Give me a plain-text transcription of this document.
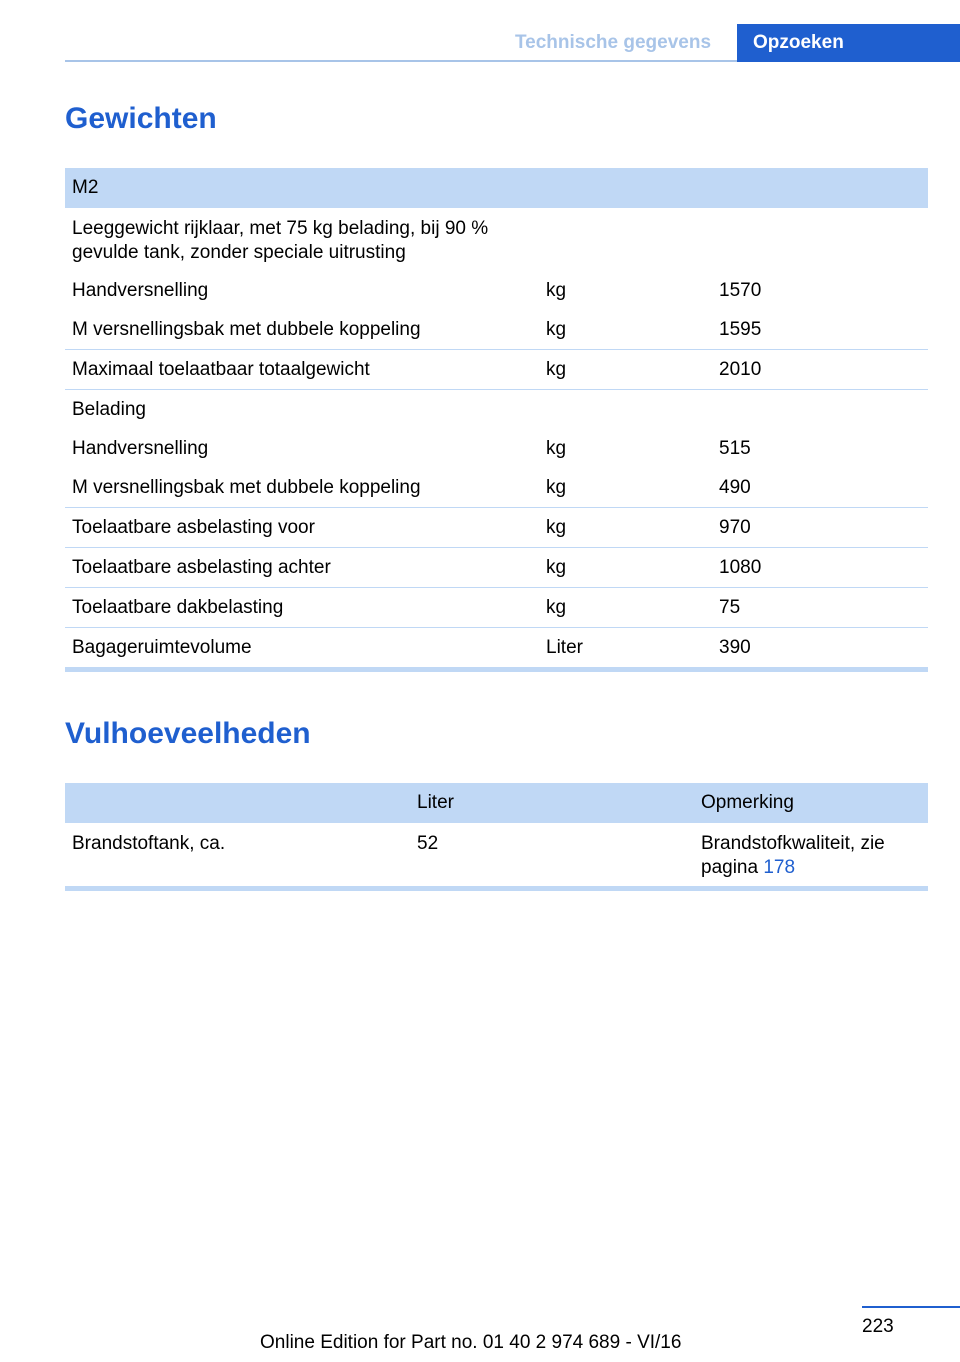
Technische gegevens	Opzoeken
Gewichten
M2		
Leeggewicht rijklaar, met 75 kg belading, bij 90 % gevulde tank, zonder speciale uitrusting		
Handversnelling	kg	1570
M versnellingsbak met dubbele koppeling	kg	1595
Maximaal toelaatbaar totaalgewicht	kg	2010
Belading		
Handversnelling	kg	515
M versnellingsbak met dubbele koppeling	kg	490
Toelaatbare asbelasting voor	kg	970
Toelaatbare asbelasting achter	kg	1080
Toelaatbare dakbelasting	kg	75
Bagageruimtevolume	Liter	390
Vulhoeveelheden
	Liter	Opmerking
Brandstoftank, ca.	52	Brandstofkwaliteit, zie pagina 178
223
Online Edition for Part no. 01 40 2 974 689 - VI/16
